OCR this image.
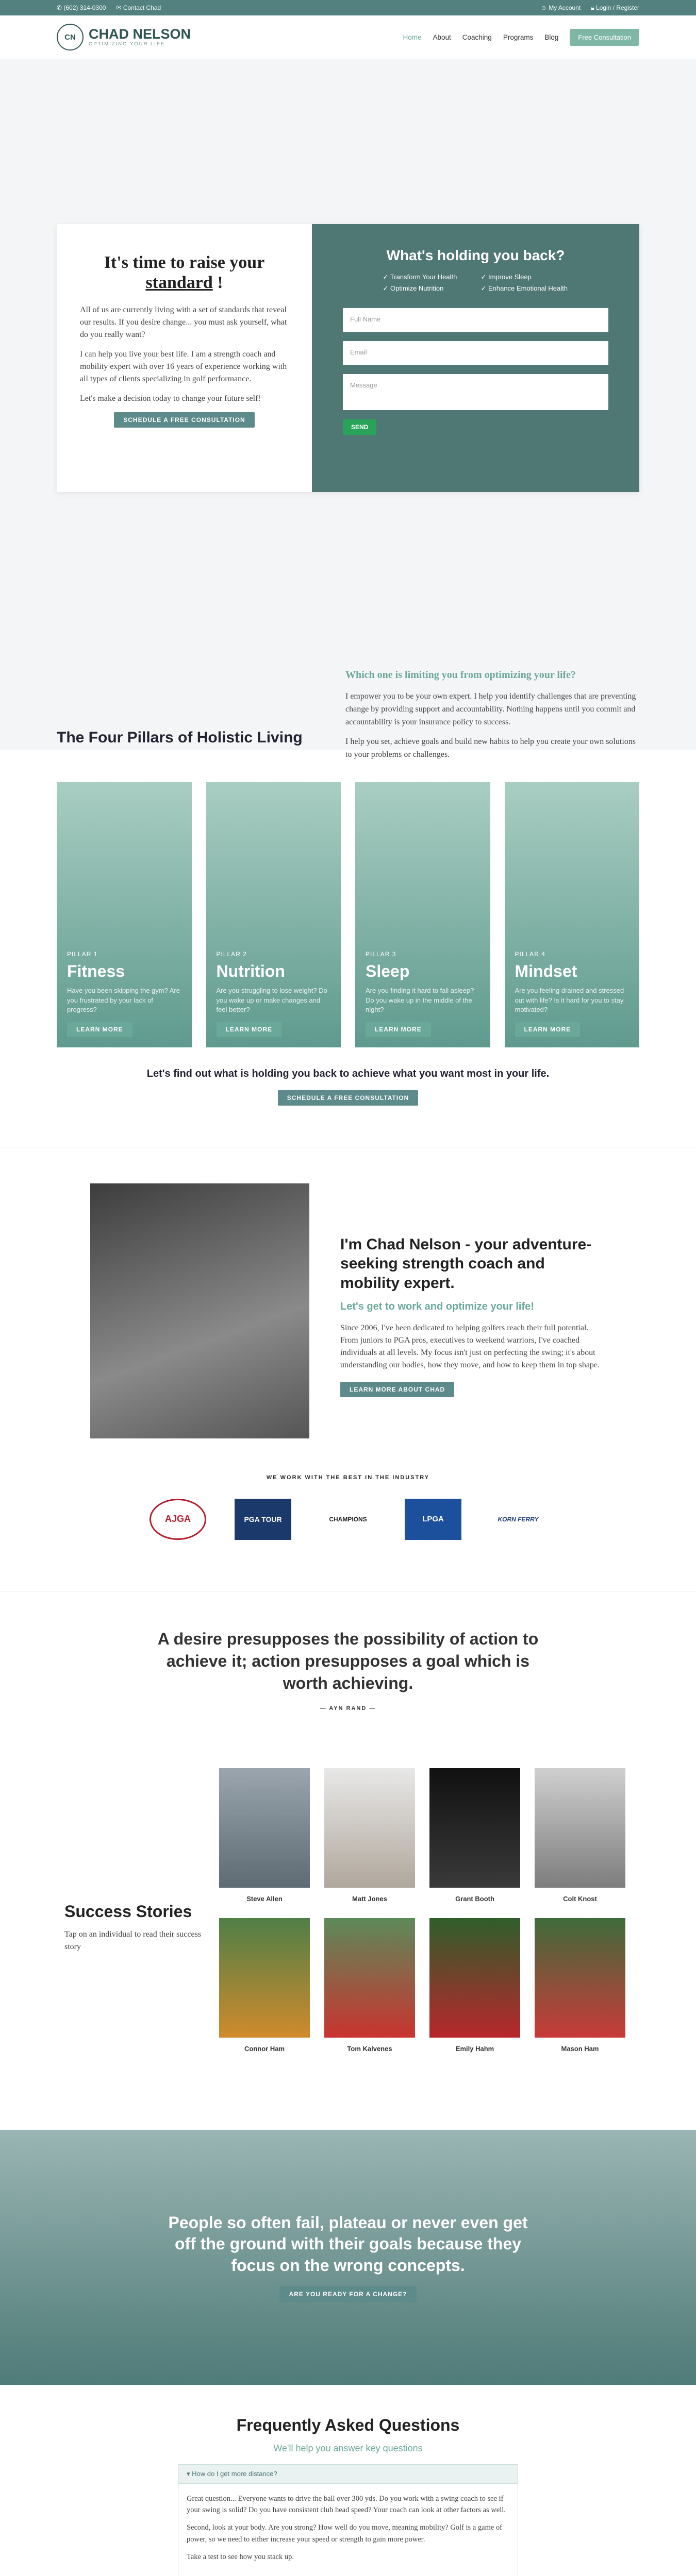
✆ (602) 314-0300 ✉ Contact Chad	☺ My Account 🔒︎ Login / Register
CN CHAD NELSON
OPTIMIZING YOUR LIFE
Home About Coaching Programs Blog	Free Consultation
It's time to raise your
standard !

All of us are currently living with a set of standards that reveal our results. If you desire change... you must ask yourself, what do you really want?

I can help you live your best life. I am a strength coach and mobility expert with over 16 years of experience working with all types of clients specializing in golf performance.

Let's make a decision today to change your future self!

SCHEDULE A FREE CONSULTATION
What's holding you back?
✓ Transform Your Health	✓ Improve Sleep
✓ Optimize Nutrition	✓ Enhance Emotional Health
Full Name
Email
Message
SEND
The Four Pillars of Holistic Living
Which one is limiting you from optimizing your life?

I empower you to be your own expert. I help you identify challenges that are preventing change by providing support and accountability. Nothing happens until you commit and accountability is your insurance policy to success.

I help you set, achieve goals and build new habits to help you create your own solutions to your problems or challenges.

PILLAR 1
Fitness

Have you been skipping the gym? Are you frustrated by your lack of progress?

LEARN MORE
PILLAR 2
Nutrition

Are you struggling to lose weight? Do you wake up or make changes and feel better?

LEARN MORE
PILLAR 3
Sleep

Are you finding it hard to fall asleep? Do you wake up in the middle of the night?

LEARN MORE
PILLAR 4
Mindset

Are you feeling drained and stressed out with life? Is it hard for you to stay motivated?

LEARN MORE
Let's find out what is holding you back to achieve what you want most in your life.
SCHEDULE A FREE CONSULTATION
I'm Chad Nelson - your adventure-seeking strength coach and mobility expert.
Let's get to work and optimize your life!

Since 2006, I've been dedicated to helping golfers reach their full potential. From juniors to PGA pros, executives to weekend warriors, I've coached individuals at all levels. My focus isn't just on perfecting the swing; it's about understanding our bodies, how they move, and how to keep them in top shape.

LEARN MORE ABOUT CHAD
WE WORK WITH THE BEST IN THE INDUSTRY
AJGA	PGA TOUR	CHAMPIONS	LPGA	KORN FERRY
A desire presupposes the possibility of action to achieve it; action presupposes a goal which is worth achieving.
— AYN RAND —
Success Stories

Tap on an individual to read their success story

Steve Allen	Matt Jones	Grant Booth	Colt Knost
Connor Ham	Tom Kalvenes	Emily Hahm	Mason Ham
People so often fail, plateau or never even get off the ground with their goals because they focus on the wrong concepts.
ARE YOU READY FOR A CHANGE?
Frequently Asked Questions
We'll help you answer key questions
▾ How do I get more distance?

Great question... Everyone wants to drive the ball over 300 yds. Do you work with a swing coach to see if your swing is solid? Do you have consistent club head speed? Your coach can look at other factors as well.

Second, look at your body. Are you strong? How well do you move, meaning mobility? Golf is a game of power, so we need to either increase your speed or strength to gain more power.

Take a test to see how you stack up.
